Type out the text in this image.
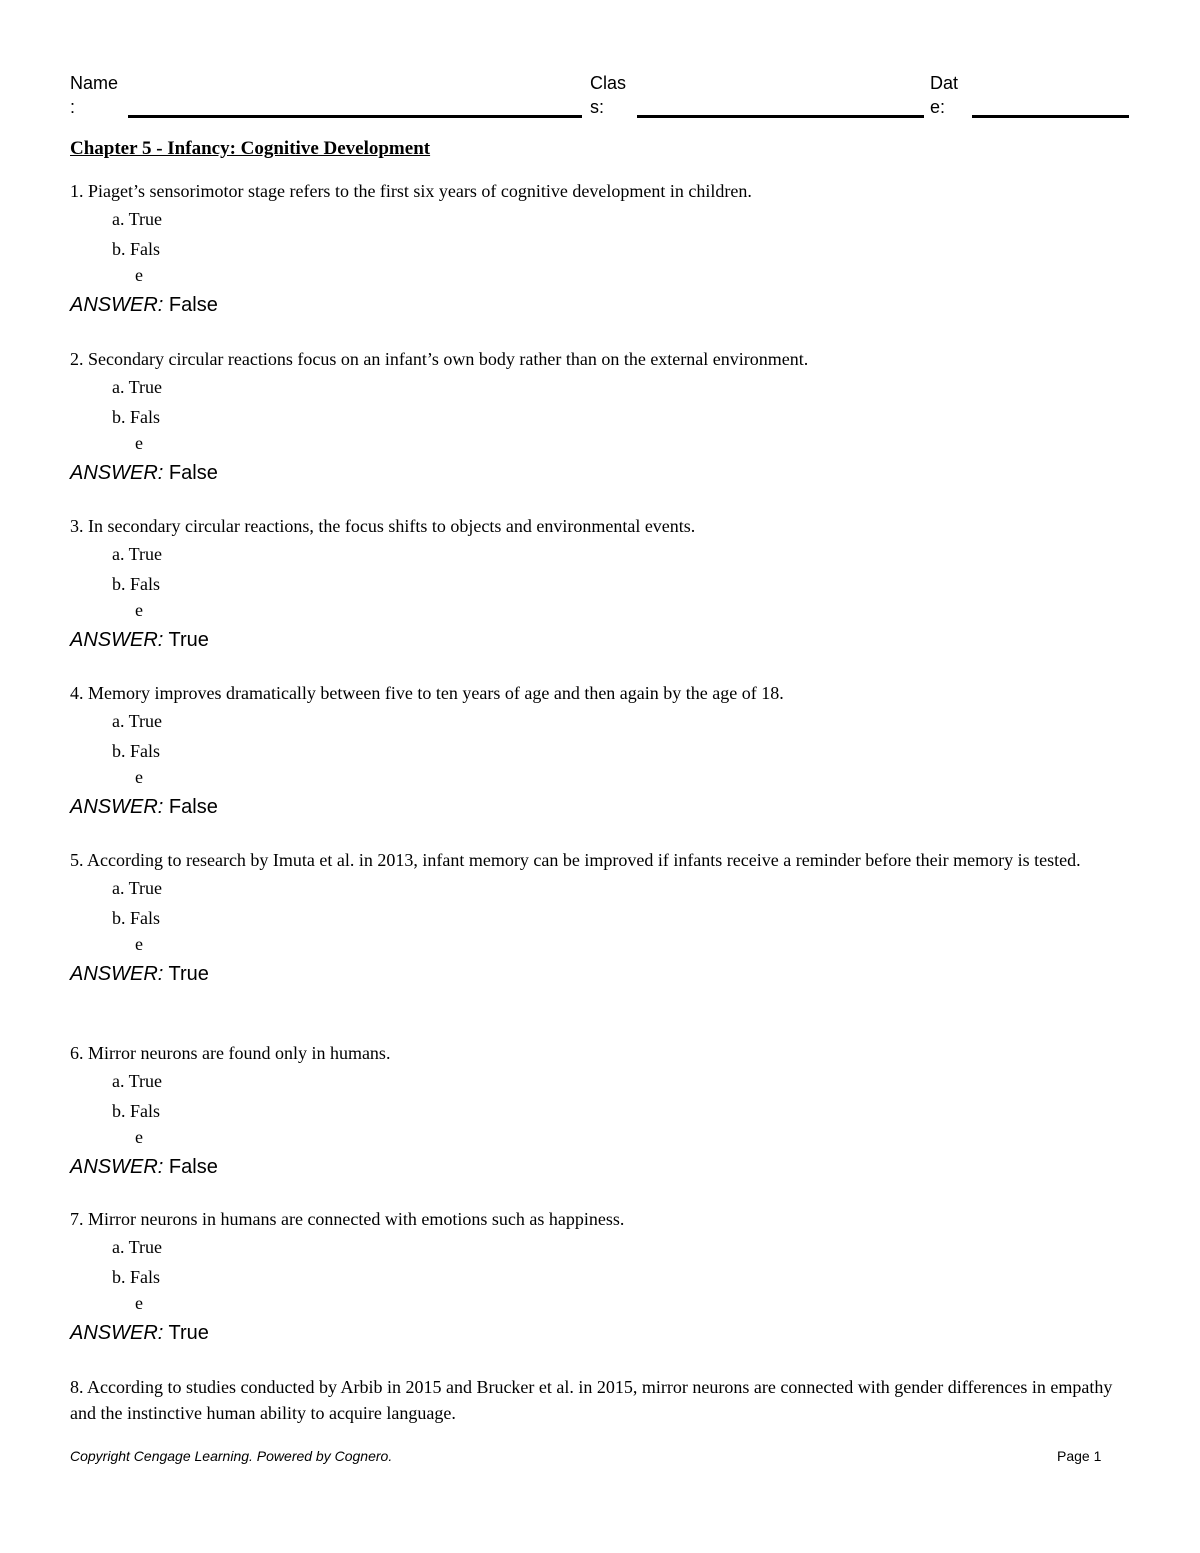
Name
:
Clas
s:
Dat
e:
Chapter 5 - Infancy: Cognitive Development
1. Piaget’s sensorimotor stage refers to the first six years of cognitive development in children.
a. True
b. Fals
e
ANSWER: False
2. Secondary circular reactions focus on an infant’s own body rather than on the external environment.
a. True
b. Fals
e
ANSWER: False
3. In secondary circular reactions, the focus shifts to objects and environmental events.
a. True
b. Fals
e
ANSWER: True
4. Memory improves dramatically between five to ten years of age and then again by the age of 18.
a. True
b. Fals
e
ANSWER: False
5. According to research by Imuta et al. in 2013, infant memory can be improved if infants receive a reminder before their memory is tested.
a. True
b. Fals
e
ANSWER: True
6. Mirror neurons are found only in humans.
a. True
b. Fals
e
ANSWER: False
7. Mirror neurons in humans are connected with emotions such as happiness.
a. True
b. Fals
e
ANSWER: True
8. According to studies conducted by Arbib in 2015 and Brucker et al. in 2015, mirror neurons are connected with gender differences in empathy and the instinctive human ability to acquire language.
Copyright Cengage Learning. Powered by Cognero.	Page 1
